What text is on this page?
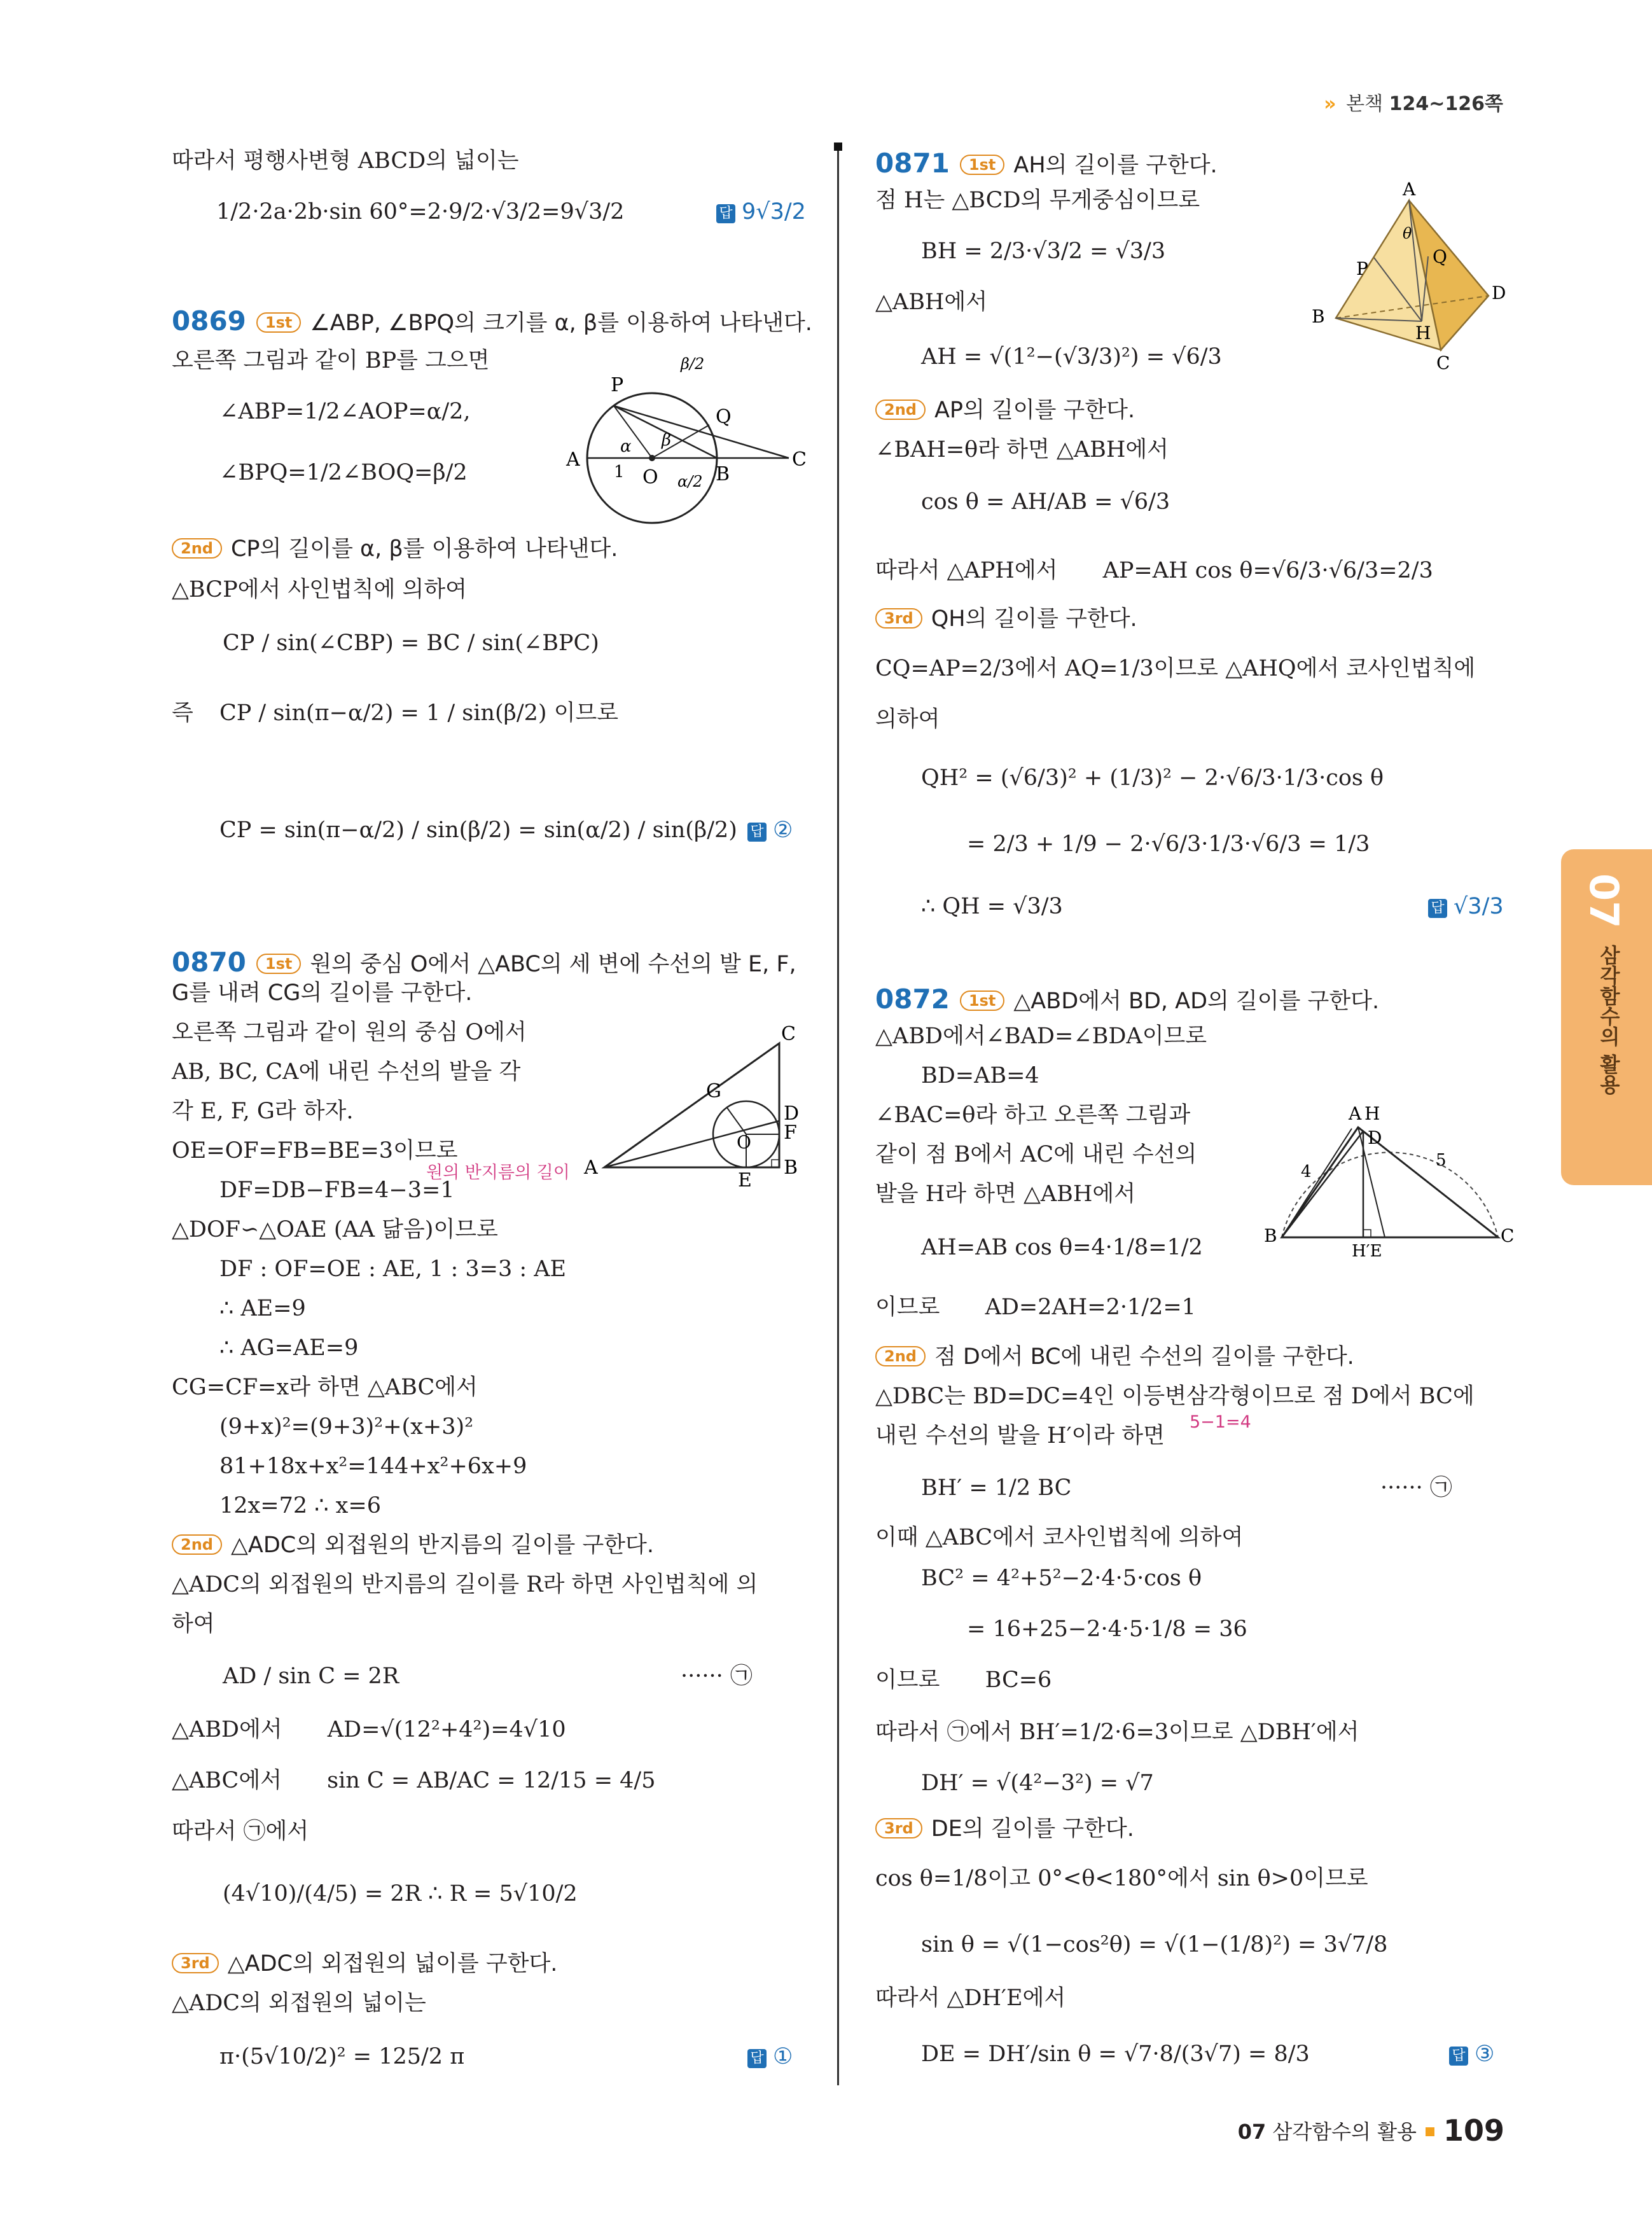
» 본책 124~126쪽
따라서 평행사변형 ABCD의 넓이는
1/2·2a·2b·sin 60°=2·9/2·√3/2=9√3/2	답 9√3/2
0869 1st ∠ABP, ∠BPQ의 크기를 α, β를 이용하여 나타낸다.
오른쪽 그림과 같이 BP를 그으면
∠ABP=1/2∠AOP=α/2,
∠BPQ=1/2∠BOQ=β/2
P
Q
A
O	B
C
1
α β
α/2
β/2
2nd CP의 길이를 α, β를 이용하여 나타낸다.
△BCP에서 사인법칙에 의하여
CP / sin(∠CBP) = BC / sin(∠BPC)
즉 CP / sin(π−α/2) = 1 / sin(β/2) 이므로
CP = sin(π−α/2) / sin(β/2) = sin(α/2) / sin(β/2) 답 ②
0870 1st 원의 중심 O에서 △ABC의 세 변에 수선의 발 E, F,
G를 내려 CG의 길이를 구한다.
오른쪽 그림과 같이 원의 중심 O에서
AB, BC, CA에 내린 수선의 발을 각
각 E, F, G라 하자.
OE=OF=FB=BE=3이므로
원의 반지름의 길이
DF=DB−FB=4−3=1
C
G
D
F
O
A
E
B
△DOF∽△OAE (AA 닮음)이므로
DF : OF=OE : AE, 1 : 3=3 : AE
∴ AE=9
∴ AG=AE=9
CG=CF=x라 하면 △ABC에서
(9+x)²=(9+3)²+(x+3)²
81+18x+x²=144+x²+6x+9
12x=72 ∴ x=6
2nd △ADC의 외접원의 반지름의 길이를 구한다.
△ADC의 외접원의 반지름의 길이를 R라 하면 사인법칙에 의
하여
AD / sin C = 2R	······ ㉠
△ABD에서 AD=√(12²+4²)=4√10
△ABC에서 sin C = AB/AC = 12/15 = 4/5
따라서 ㉠에서
(4√10)/(4/5) = 2R ∴ R = 5√10/2
3rd △ADC의 외접원의 넓이를 구한다.
△ADC의 외접원의 넓이는
π·(5√10/2)² = 125/2 π	답 ①
0871 1st AH의 길이를 구한다.
점 H는 △BCD의 무게중심이므로
BH = 2/3·√3/2 = √3/3
△ABH에서
AH = √(1²−(√3/3)²) = √6/3
A
θ
P
Q
B
H
D
C
2nd AP의 길이를 구한다.
∠BAH=θ라 하면 △ABH에서
cos θ = AH/AB = √6/3
따라서 △APH에서 AP=AH cos θ=√6/3·√6/3=2/3
3rd QH의 길이를 구한다.
CQ=AP=2/3에서 AQ=1/3이므로 △AHQ에서 코사인법칙에
의하여
QH² = (√6/3)² + (1/3)² − 2·√6/3·1/3·cos θ
= 2/3 + 1/9 − 2·√6/3·1/3·√6/3 = 1/3
∴ QH = √3/3	답 √3/3
0872 1st △ABD에서 BD, AD의 길이를 구한다.
△ABD에서∠BAD=∠BDA이므로
BD=AB=4
∠BAC=θ라 하고 오른쪽 그림과
같이 점 B에서 AC에 내린 수선의
발을 H라 하면 △ABH에서
AH=AB cos θ=4·1/8=1/2
이므로 AD=2AH=2·1/2=1
A H
D
4
5
B
H′E
C
2nd 점 D에서 BC에 내린 수선의 길이를 구한다.
△DBC는 BD=DC=4인 이등변삼각형이므로 점 D에서 BC에
5−1=4
내린 수선의 발을 H′이라 하면
BH′ = 1/2 BC	······ ㉠
이때 △ABC에서 코사인법칙에 의하여
BC² = 4²+5²−2·4·5·cos θ
= 16+25−2·4·5·1/8 = 36
이므로 BC=6
따라서 ㉠에서 BH′=1/2·6=3이므로 △DBH′에서
DH′ = √(4²−3²) = √7
3rd DE의 길이를 구한다.
cos θ=1/8이고 0°<θ<180°에서 sin θ>0이므로
sin θ = √(1−cos²θ) = √(1−(1/8)²) = 3√7/8
따라서 △DH′E에서
DE = DH′/sin θ = √7·8/(3√7) = 8/3	답 ③
07
삼각함수의 활용
07 삼각함수의 활용 109
